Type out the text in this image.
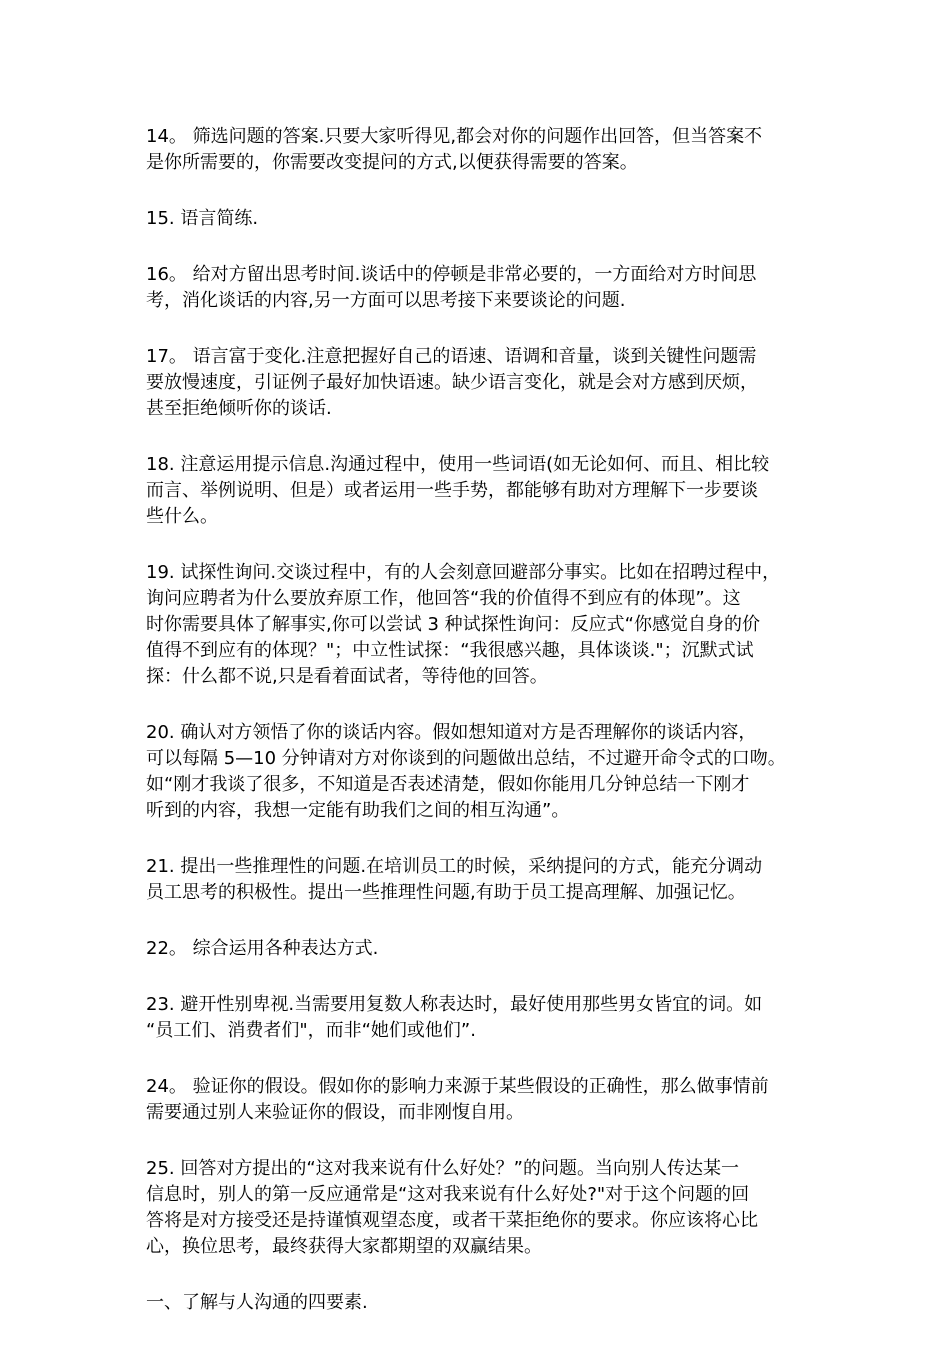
14。 筛选问题的答案.只要大家听得见,都会对你的问题作出回答，但当答案不
是你所需要的，你需要改变提问的方式,以便获得需要的答案。

15. 语言简练.

16。 给对方留出思考时间.谈话中的停顿是非常必要的，一方面给对方时间思
考，消化谈话的内容,另一方面可以思考接下来要谈论的问题.

17。 语言富于变化.注意把握好自己的语速、语调和音量，谈到关键性问题需
要放慢速度，引证例子最好加快语速。缺少语言变化，就是会对方感到厌烦，
甚至拒绝倾听你的谈话.

18. 注意运用提示信息.沟通过程中，使用一些词语(如无论如何、而且、相比较
而言、举例说明、但是）或者运用一些手势，都能够有助对方理解下一步要谈
些什么。

19. 试探性询问.交谈过程中，有的人会刻意回避部分事实。比如在招聘过程中，
询问应聘者为什么要放弃原工作，他回答“我的价值得不到应有的体现”。这
时你需要具体了解事实,你可以尝试 3 种试探性询问：反应式“你感觉自身的价
值得不到应有的体现？"；中立性试探：“我很感兴趣，具体谈谈."；沉默式试
探：什么都不说,只是看着面试者，等待他的回答。

20. 确认对方领悟了你的谈话内容。假如想知道对方是否理解你的谈话内容，
可以每隔 5—10 分钟请对方对你谈到的问题做出总结，不过避开命令式的口吻。
如“刚才我谈了很多，不知道是否表述清楚，假如你能用几分钟总结一下刚才
听到的内容，我想一定能有助我们之间的相互沟通”。

21. 提出一些推理性的问题.在培训员工的时候，采纳提问的方式，能充分调动
员工思考的积极性。提出一些推理性问题,有助于员工提高理解、加强记忆。

22。 综合运用各种表达方式.

23. 避开性别卑视.当需要用复数人称表达时，最好使用那些男女皆宜的词。如
“员工们、消费者们"，而非“她们或他们”.

24。 验证你的假设。假如你的影响力来源于某些假设的正确性，那么做事情前
需要通过别人来验证你的假设，而非刚愎自用。

25. 回答对方提出的“这对我来说有什么好处？”的问题。当向别人传达某一
信息时，别人的第一反应通常是“这对我来说有什么好处?"对于这个问题的回
答将是对方接受还是持谨慎观望态度，或者干菜拒绝你的要求。你应该将心比
心，换位思考，最终获得大家都期望的双赢结果。

一、了解与人沟通的四要素.
